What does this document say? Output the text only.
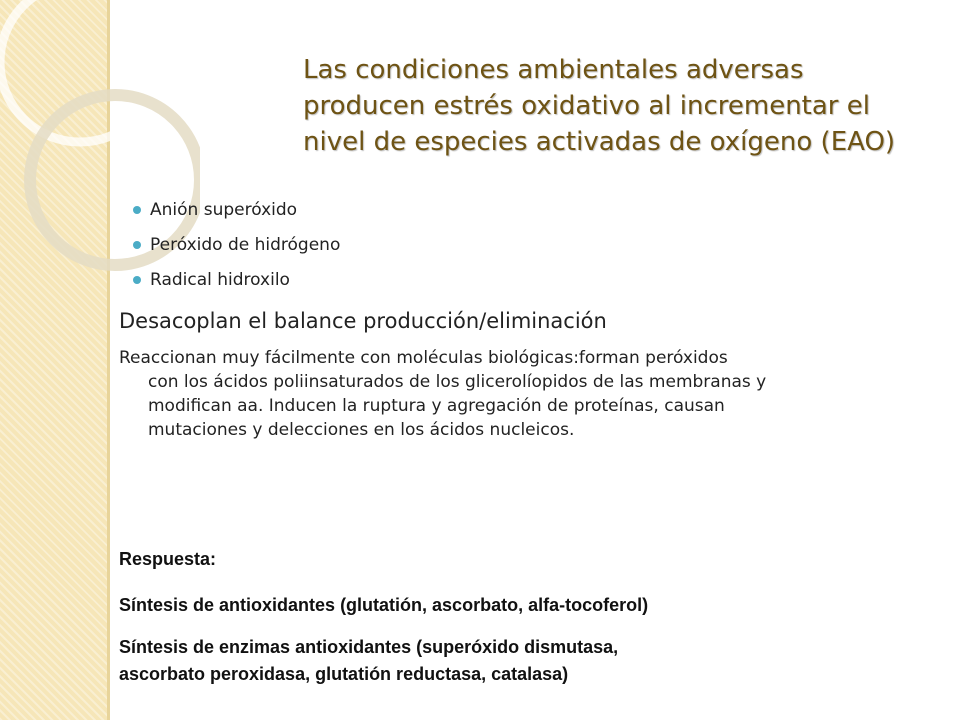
Las condiciones ambientales adversas
producen estrés oxidativo al incrementar el
nivel de especies activadas de oxígeno (EAO)
Anión superóxido
Peróxido de hidrógeno
Radical hidroxilo
Desacoplan el balance producción/eliminación
Reaccionan muy fácilmente con moléculas biológicas:forman peróxidos
con los ácidos poliinsaturados de los glicerolíopidos de las membranas y
modifican aa. Inducen la ruptura y agregación de proteínas, causan
mutaciones y delecciones en los ácidos nucleicos.
Respuesta:
Síntesis de antioxidantes (glutatión, ascorbato, alfa-tocoferol)
Síntesis de enzimas antioxidantes (superóxido dismutasa,
ascorbato peroxidasa, glutatión reductasa, catalasa)
